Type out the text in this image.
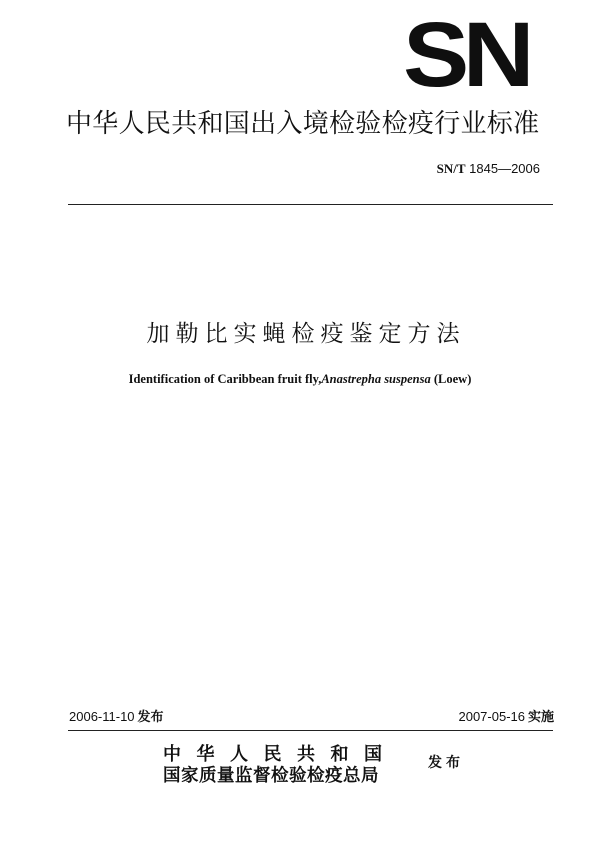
SN
中华人民共和国出入境检验检疫行业标准
SN/T 1845—2006
加勒比实蝇检疫鉴定方法
Identification of Caribbean fruit fly,Anastrepha suspensa (Loew)
2006-11-10 发布	2007-05-16 实施
中华人民共和国
国家质量监督检验检疫总局
发布
